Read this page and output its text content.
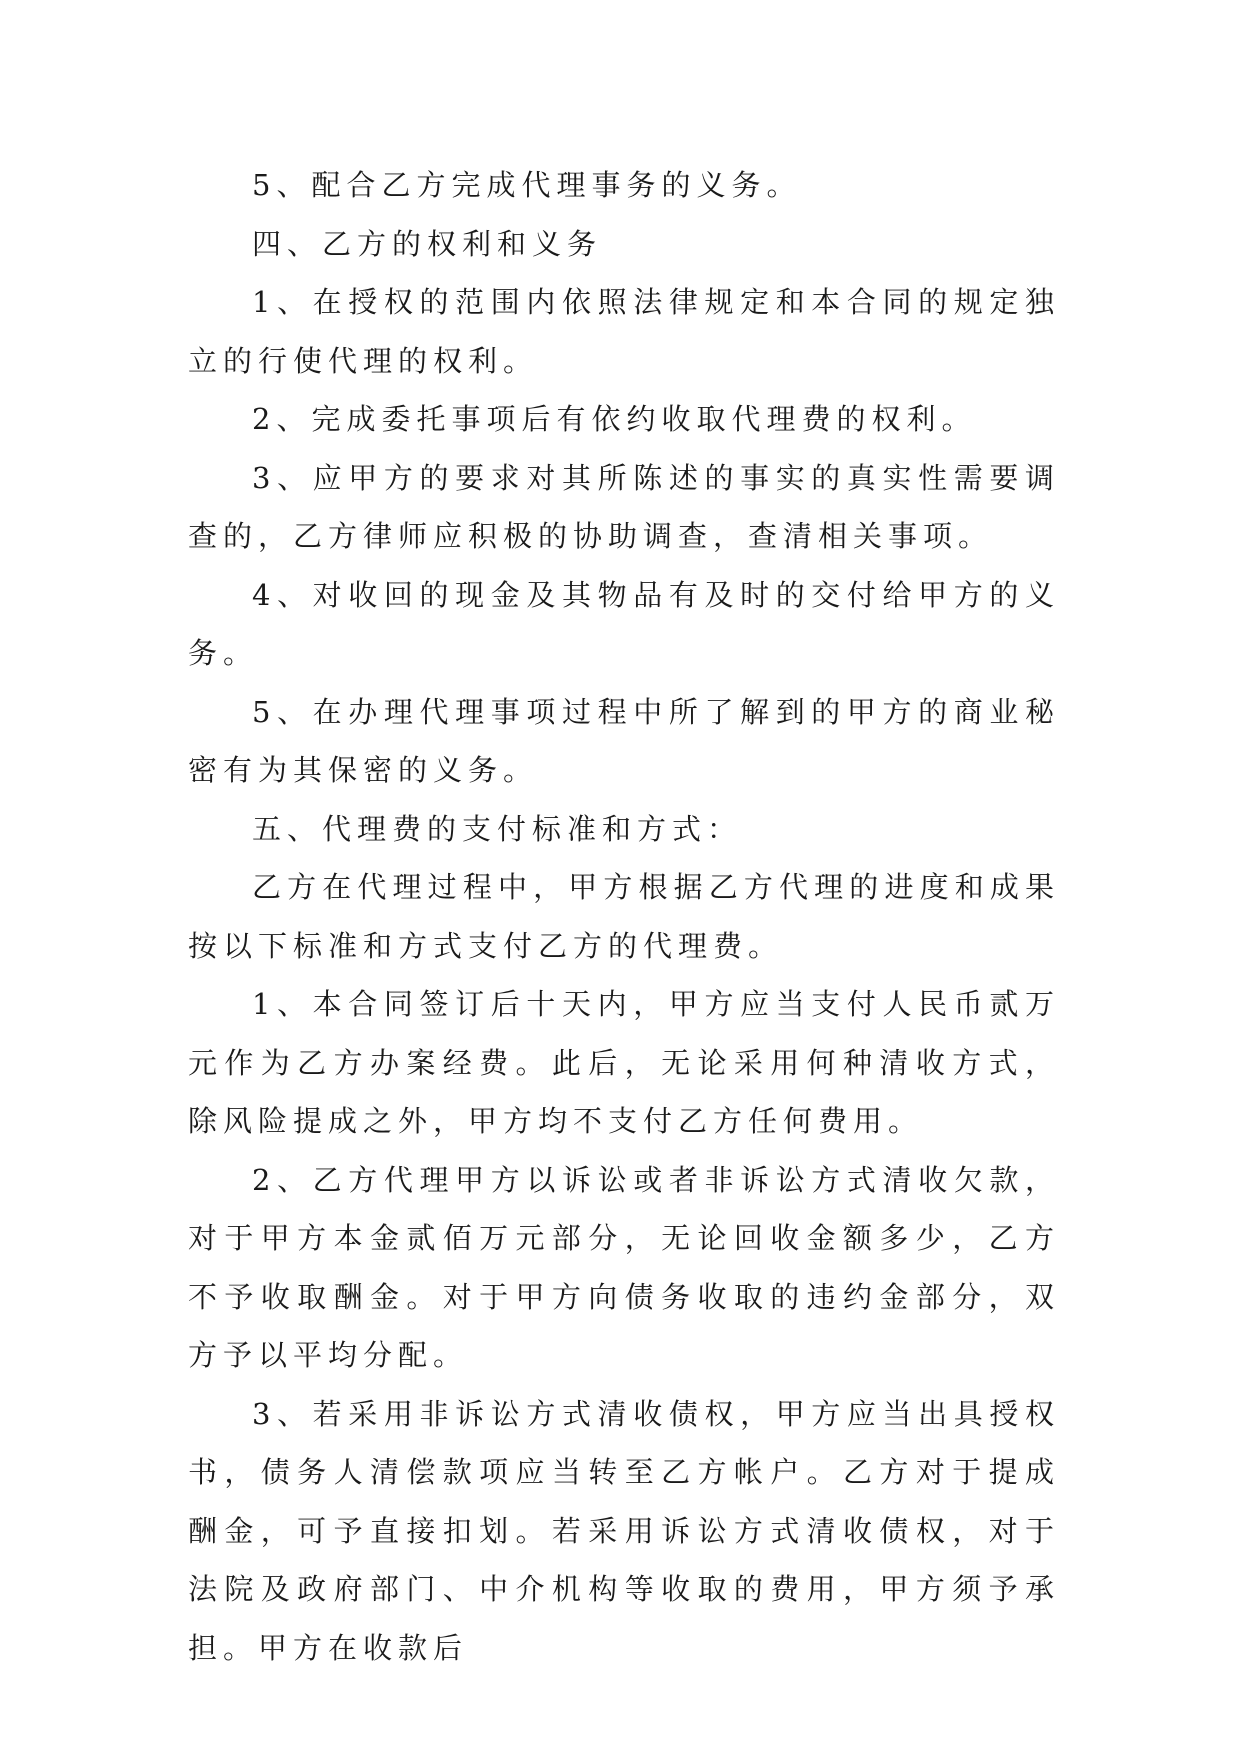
5、配合乙方完成代理事务的义务。

四、乙方的权利和义务

1、在授权的范围内依照法律规定和本合同的规定独立的行使代理的权利。

2、完成委托事项后有依约收取代理费的权利。

3、应甲方的要求对其所陈述的事实的真实性需要调查的，乙方律师应积极的协助调查，查清相关事项。

4、对收回的现金及其物品有及时的交付给甲方的义务。

5、在办理代理事项过程中所了解到的甲方的商业秘密有为其保密的义务。

五、代理费的支付标准和方式：

乙方在代理过程中，甲方根据乙方代理的进度和成果按以下标准和方式支付乙方的代理费。

1、本合同签订后十天内，甲方应当支付人民币贰万元作为乙方办案经费。此后，无论采用何种清收方式，除风险提成之外，甲方均不支付乙方任何费用。

2、乙方代理甲方以诉讼或者非诉讼方式清收欠款，对于甲方本金贰佰万元部分，无论回收金额多少，乙方不予收取酬金。对于甲方向债务收取的违约金部分，双方予以平均分配。

3、若采用非诉讼方式清收债权，甲方应当出具授权书，债务人清偿款项应当转至乙方帐户。乙方对于提成酬金，可予直接扣划。若采用诉讼方式清收债权，对于法院及政府部门、中介机构等收取的费用，甲方须予承担。甲方在收款后
